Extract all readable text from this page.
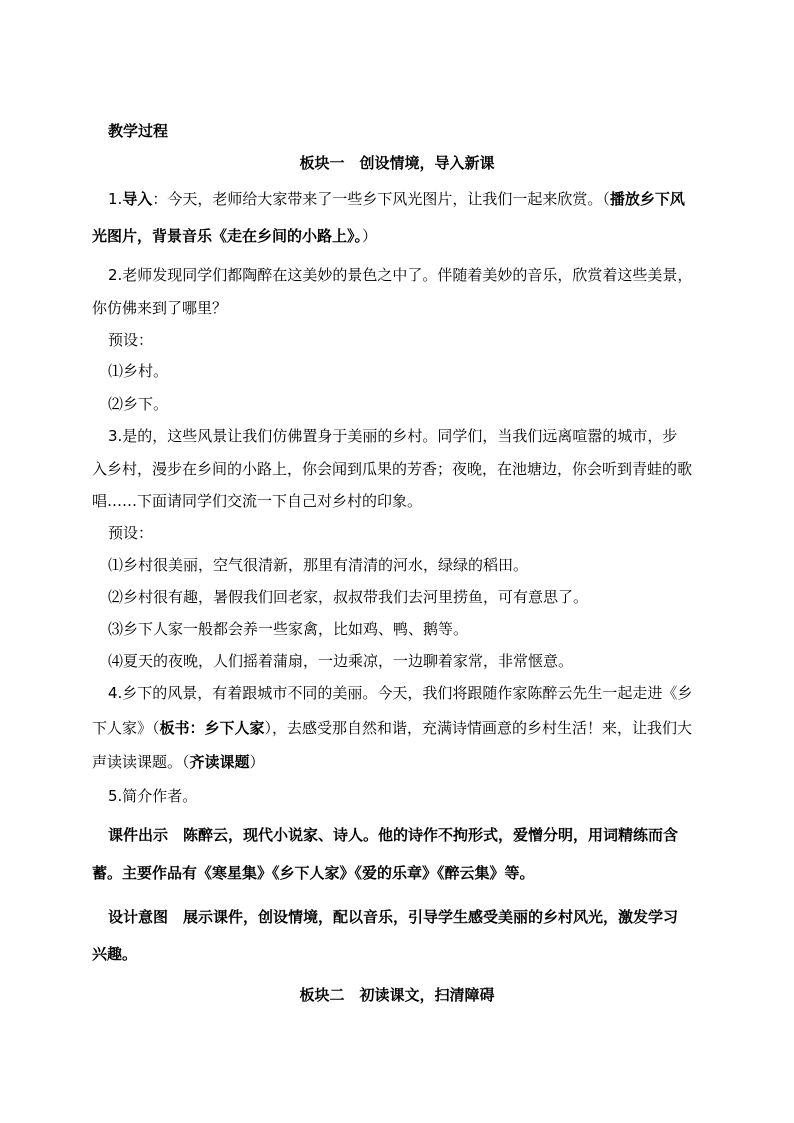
教学过程
板块一　创设情境，导入新课
1.导入：今天，老师给大家带来了一些乡下风光图片，让我们一起来欣赏。（播放乡下风
光图片，背景音乐《走在乡间的小路上》。）
2.老师发现同学们都陶醉在这美妙的景色之中了。伴随着美妙的音乐，欣赏着这些美景，
你仿佛来到了哪里？
预设：
⑴乡村。
⑵乡下。
3.是的，这些风景让我们仿佛置身于美丽的乡村。同学们，当我们远离喧嚣的城市，步
入乡村，漫步在乡间的小路上，你会闻到瓜果的芳香；夜晚，在池塘边，你会听到青蛙的歌
唱……下面请同学们交流一下自己对乡村的印象。
预设：
⑴乡村很美丽，空气很清新，那里有清清的河水，绿绿的稻田。
⑵乡村很有趣，暑假我们回老家，叔叔带我们去河里捞鱼，可有意思了。
⑶乡下人家一般都会养一些家禽，比如鸡、鸭、鹅等。
⑷夏天的夜晚，人们摇着蒲扇，一边乘凉，一边聊着家常，非常惬意。
4.乡下的风景，有着跟城市不同的美丽。今天，我们将跟随作家陈醉云先生一起走进《乡
下人家》（板书：乡下人家），去感受那自然和谐，充满诗情画意的乡村生活！来，让我们大
声读读课题。（齐读课题）
5.简介作者。
课件出示　陈醉云，现代小说家、诗人。他的诗作不拘形式，爱憎分明，用词精练而含
蓄。主要作品有《寒星集》《乡下人家》《爱的乐章》《醉云集》等。
设计意图　展示课件，创设情境，配以音乐，引导学生感受美丽的乡村风光，激发学习
兴趣。
板块二　初读课文，扫清障碍
